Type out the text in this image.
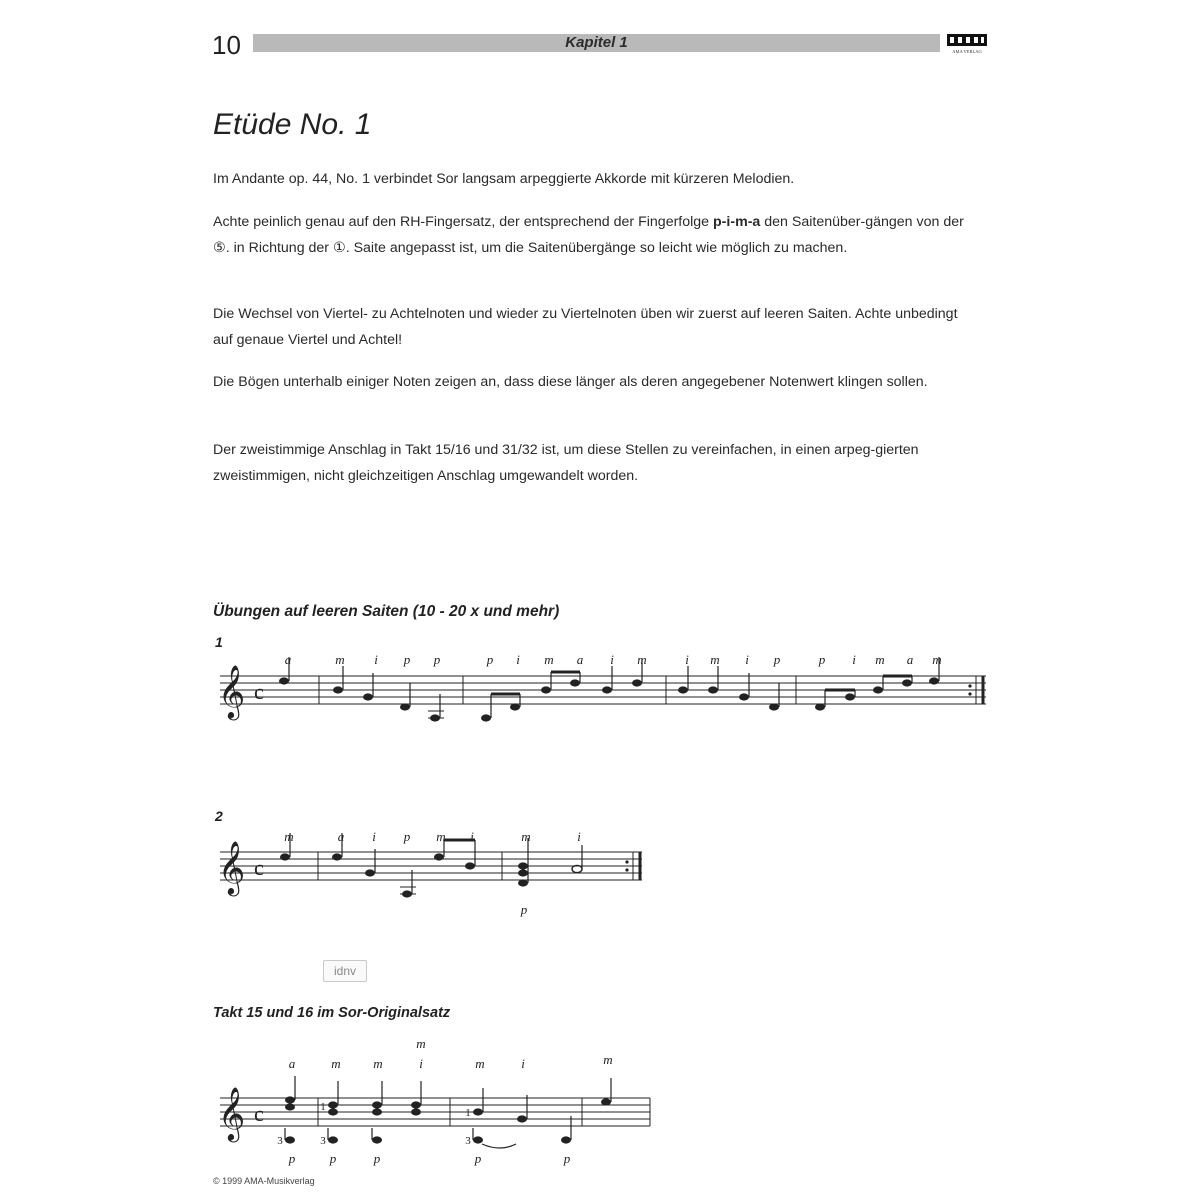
10	Kapitel 1
AMA VERLAG
Etüde No. 1
Im Andante op. 44, No. 1 verbindet Sor langsam arpeggierte Akkorde mit kürzeren Melodien.
Achte peinlich genau auf den RH-Fingersatz, der entsprechend der Fingerfolge p-i-m-a den Saitenüber-gängen von der ⑤. in Richtung der ①. Saite angepasst ist, um die Saitenübergänge so leicht wie möglich zu machen.
Die Wechsel von Viertel- zu Achtelnoten und wieder zu Viertelnoten üben wir zuerst auf leeren Saiten. Achte unbedingt auf genaue Viertel und Achtel!
Die Bögen unterhalb einiger Noten zeigen an, dass diese länger als deren angegebener Notenwert klingen sollen.
Der zweistimmige Anschlag in Takt 15/16 und 31/32 ist, um diese Stellen zu vereinfachen, in einen arpeg-gierten zweistimmigen, nicht gleichzeitigen Anschlag umgewandelt worden.
Übungen auf leeren Saiten (10 - 20 x und mehr)
1
𝄞 c
a	m i p p	p i m a i m	i m i p	p i m a m
2
𝄞 c
m	a i p m i	m	i
p
idnv
Takt 15 und 16 im Sor-Originalsatz
𝄞 c
m
a	m	m	i	m	i	m
p	p	p	p	p
3
1
3
1
3
© 1999 AMA-Musikverlag
